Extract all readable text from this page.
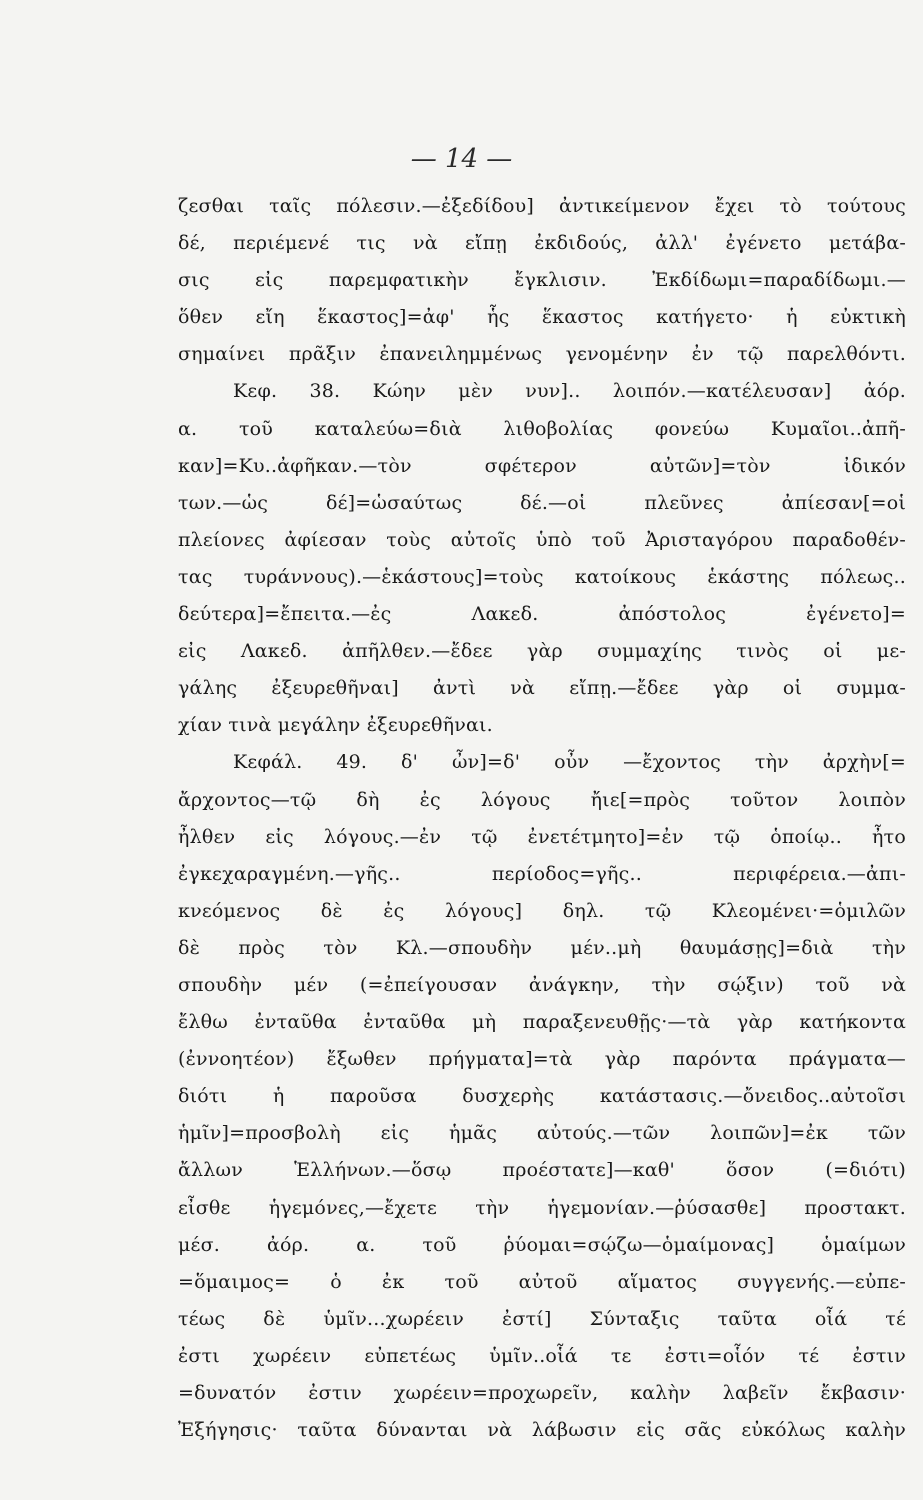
— 14 —
ζεσθαι ταῖς πόλεσιν.—ἐξεδίδου] ἀντικείμενον ἔχει τὸ τούτους
δέ, περιέμενέ τις νὰ εἴπῃ ἐκδιδούς, ἀλλ' ἐγένετο μετάβα-
σις εἰς παρεμφατικὴν ἔγκλισιν. Ἐκδίδωμι=παραδίδωμι.—
ὅθεν εἴη ἕκαστος]=ἀφ' ἧς ἕκαστος κατήγετο· ἡ εὐκτικὴ
σημαίνει πρᾶξιν ἐπανειλημμένως γενομένην ἐν τῷ παρελθόντι.
Κεφ. 38. Κώην μὲν νυν].. λοιπόν.—κατέλευσαν] ἀόρ.
α. τοῦ καταλεύω=διὰ λιθοβολίας φονεύω Κυμαῖοι..ἀπῆ-
καν]=Κυ..ἀφῆκαν.—τὸν σφέτερον αὐτῶν]=τὸν ἰδικόν
των.—ὡς δέ]=ὡσαύτως δέ.—οἱ πλεῦνες ἀπίεσαν[=οἱ
πλείονες ἀφίεσαν τοὺς αὐτοῖς ὑπὸ τοῦ Ἀρισταγόρου παραδοθέν-
τας τυράννους).—ἑκάστους]=τοὺς κατοίκους ἑκάστης πόλεως..
δεύτερα]=ἔπειτα.—ἐς Λακεδ. ἀπόστολος ἐγένετο]=
εἰς Λακεδ. ἀπῆλθεν.—ἔδεε γὰρ συμμαχίης τινὸς οἱ με-
γάλης ἐξευρεθῆναι] ἀντὶ νὰ εἴπῃ.—ἔδεε γὰρ οἱ συμμα-
χίαν τινὰ μεγάλην ἐξευρεθῆναι.
Κεφάλ. 49. δ' ὦν]=δ' οὖν —ἔχοντος τὴν ἀρχὴν[=
ἄρχοντος—τῷ δὴ ἐς λόγους ἤιε[=πρὸς τοῦτον λοιπὸν
ἦλθεν εἰς λόγους.—ἐν τῷ ἐνετέτμητο]=ἐν τῷ ὁποίῳ.. ἦτο
ἐγκεχαραγμένη.—γῆς.. περίοδος=γῆς.. περιφέρεια.—ἀπι-
κνεόμενος δὲ ἐς λόγους] δηλ. τῷ Κλεομένει·=ὁμιλῶν
δὲ πρὸς τὸν Κλ.—σπουδὴν μέν..μὴ θαυμάσῃς]=διὰ τὴν
σπουδὴν μέν (=ἐπείγουσαν ἀνάγκην, τὴν σῴξιν) τοῦ νὰ
ἔλθω ἐνταῦθα ἐνταῦθα μὴ παραξενευθῇς·—τὰ γὰρ κατήκοντα
(ἐννοητέον) ἔξωθεν πρήγματα]=τὰ γὰρ παρόντα πράγματα—
διότι ἡ παροῦσα δυσχερὴς κατάστασις.—ὄνειδος..αὐτοῖσι
ἡμῖν]=προσβολὴ εἰς ἡμᾶς αὐτούς.—τῶν λοιπῶν]=ἐκ τῶν
ἄλλων Ἑλλήνων.—ὅσῳ προέστατε]—καθ' ὅσον (=διότι)
εἶσθε ἡγεμόνες,—ἔχετε τὴν ἡγεμονίαν.—ῥύσασθε] προστακτ.
μέσ. ἀόρ. α. τοῦ ῥύομαι=σῴζω—ὁμαίμονας] ὁμαίμων
=ὅμαιμος= ὁ ἐκ τοῦ αὐτοῦ αἵματος συγγενής.—εὐπε-
τέως δὲ ὑμῖν...χωρέειν ἐστί] Σύνταξις ταῦτα οἷά τέ
ἐστι χωρέειν εὐπετέως ὑμῖν..οἷά τε ἐστι=οἷόν τέ ἐστιν
=δυνατόν ἐστιν χωρέειν=προχωρεῖν, καλὴν λαβεῖν ἔκβασιν·
Ἐξήγησις· ταῦτα δύνανται νὰ λάβωσιν εἰς σᾶς εὐκόλως καλὴν
